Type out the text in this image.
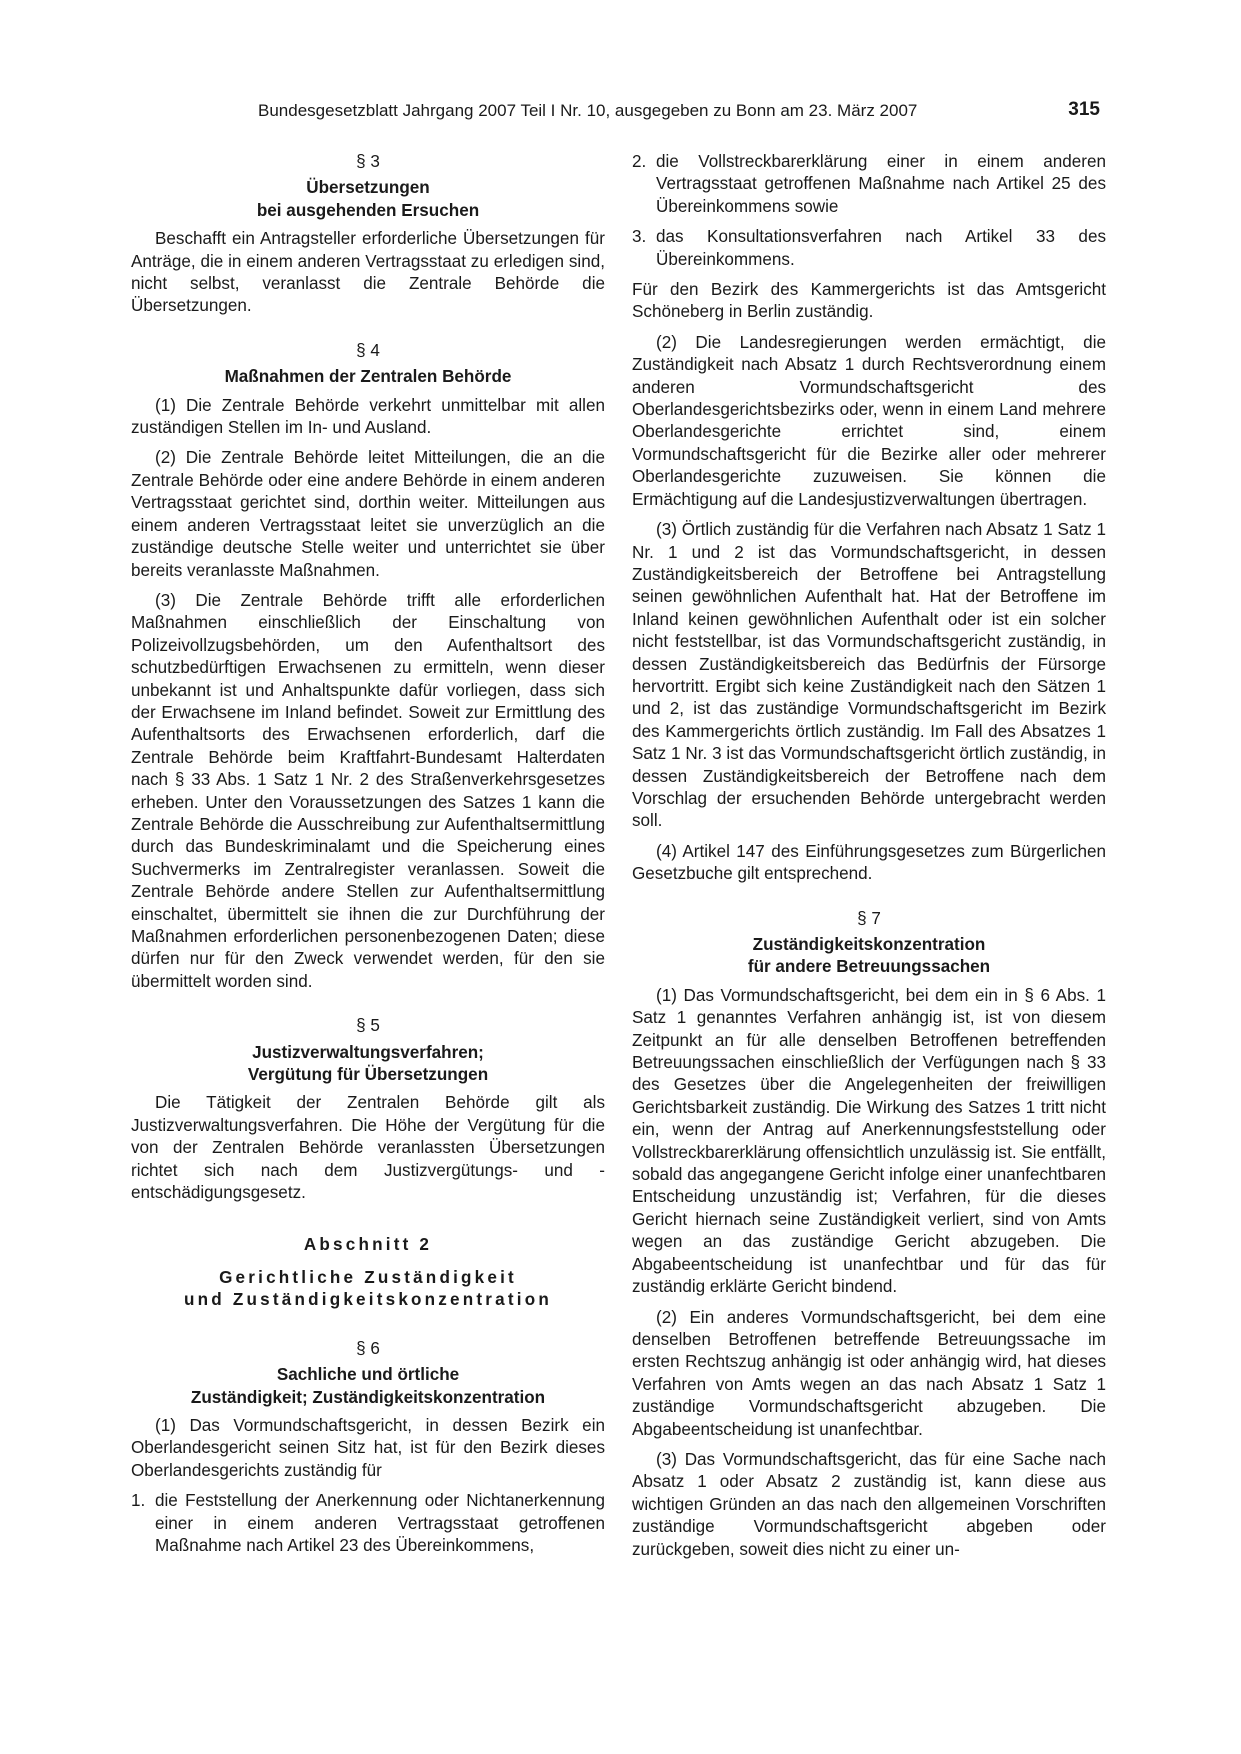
Bundesgesetzblatt Jahrgang 2007 Teil I Nr. 10, ausgegeben zu Bonn am 23. März 2007	315
§ 3
Übersetzungen
bei ausgehenden Ersuchen

Beschafft ein Antragsteller erforderliche Übersetzungen für Anträge, die in einem anderen Vertragsstaat zu erledigen sind, nicht selbst, veranlasst die Zentrale Behörde die Übersetzungen.

§ 4
Maßnahmen der Zentralen Behörde

(1) Die Zentrale Behörde verkehrt unmittelbar mit allen zuständigen Stellen im In- und Ausland.

(2) Die Zentrale Behörde leitet Mitteilungen, die an die Zentrale Behörde oder eine andere Behörde in einem anderen Vertragsstaat gerichtet sind, dorthin weiter. Mitteilungen aus einem anderen Vertragsstaat leitet sie unverzüglich an die zuständige deutsche Stelle weiter und unterrichtet sie über bereits veranlasste Maßnahmen.

(3) Die Zentrale Behörde trifft alle erforderlichen Maßnahmen einschließlich der Einschaltung von Polizeivollzugsbehörden, um den Aufenthaltsort des schutzbedürftigen Erwachsenen zu ermitteln, wenn dieser unbekannt ist und Anhaltspunkte dafür vorliegen, dass sich der Erwachsene im Inland befindet. Soweit zur Ermittlung des Aufenthaltsorts des Erwachsenen erforderlich, darf die Zentrale Behörde beim Kraftfahrt-Bundesamt Halterdaten nach § 33 Abs. 1 Satz 1 Nr. 2 des Straßenverkehrsgesetzes erheben. Unter den Voraussetzungen des Satzes 1 kann die Zentrale Behörde die Ausschreibung zur Aufenthaltsermittlung durch das Bundeskriminalamt und die Speicherung eines Suchvermerks im Zentralregister veranlassen. Soweit die Zentrale Behörde andere Stellen zur Aufenthaltsermittlung einschaltet, übermittelt sie ihnen die zur Durchführung der Maßnahmen erforderlichen personenbezogenen Daten; diese dürfen nur für den Zweck verwendet werden, für den sie übermittelt worden sind.

§ 5
Justizverwaltungsverfahren;
Vergütung für Übersetzungen

Die Tätigkeit der Zentralen Behörde gilt als Justizverwaltungsverfahren. Die Höhe der Vergütung für die von der Zentralen Behörde veranlassten Übersetzungen richtet sich nach dem Justizvergütungs- und -entschädigungsgesetz.

Abschnitt 2
Gerichtliche Zuständigkeit
und Zuständigkeitskonzentration
§ 6
Sachliche und örtliche
Zuständigkeit; Zuständigkeitskonzentration

(1) Das Vormundschaftsgericht, in dessen Bezirk ein Oberlandesgericht seinen Sitz hat, ist für den Bezirk dieses Oberlandesgerichts zuständig für

1. die Feststellung der Anerkennung oder Nichtanerkennung einer in einem anderen Vertragsstaat getroffenen Maßnahme nach Artikel 23 des Übereinkommens,
2. die Vollstreckbarerklärung einer in einem anderen Vertragsstaat getroffenen Maßnahme nach Artikel 25 des Übereinkommens sowie
3. das Konsultationsverfahren nach Artikel 33 des Übereinkommens.

Für den Bezirk des Kammergerichts ist das Amtsgericht Schöneberg in Berlin zuständig.

(2) Die Landesregierungen werden ermächtigt, die Zuständigkeit nach Absatz 1 durch Rechtsverordnung einem anderen Vormundschaftsgericht des Oberlandesgerichtsbezirks oder, wenn in einem Land mehrere Oberlandesgerichte errichtet sind, einem Vormundschaftsgericht für die Bezirke aller oder mehrerer Oberlandesgerichte zuzuweisen. Sie können die Ermächtigung auf die Landesjustizverwaltungen übertragen.

(3) Örtlich zuständig für die Verfahren nach Absatz 1 Satz 1 Nr. 1 und 2 ist das Vormundschaftsgericht, in dessen Zuständigkeitsbereich der Betroffene bei Antragstellung seinen gewöhnlichen Aufenthalt hat. Hat der Betroffene im Inland keinen gewöhnlichen Aufenthalt oder ist ein solcher nicht feststellbar, ist das Vormundschaftsgericht zuständig, in dessen Zuständigkeitsbereich das Bedürfnis der Fürsorge hervortritt. Ergibt sich keine Zuständigkeit nach den Sätzen 1 und 2, ist das zuständige Vormundschaftsgericht im Bezirk des Kammergerichts örtlich zuständig. Im Fall des Absatzes 1 Satz 1 Nr. 3 ist das Vormundschaftsgericht örtlich zuständig, in dessen Zuständigkeitsbereich der Betroffene nach dem Vorschlag der ersuchenden Behörde untergebracht werden soll.

(4) Artikel 147 des Einführungsgesetzes zum Bürgerlichen Gesetzbuche gilt entsprechend.

§ 7
Zuständigkeitskonzentration
für andere Betreuungssachen

(1) Das Vormundschaftsgericht, bei dem ein in § 6 Abs. 1 Satz 1 genanntes Verfahren anhängig ist, ist von diesem Zeitpunkt an für alle denselben Betroffenen betreffenden Betreuungssachen einschließlich der Verfügungen nach § 33 des Gesetzes über die Angelegenheiten der freiwilligen Gerichtsbarkeit zuständig. Die Wirkung des Satzes 1 tritt nicht ein, wenn der Antrag auf Anerkennungsfeststellung oder Vollstreckbarerklärung offensichtlich unzulässig ist. Sie entfällt, sobald das angegangene Gericht infolge einer unanfechtbaren Entscheidung unzuständig ist; Verfahren, für die dieses Gericht hiernach seine Zuständigkeit verliert, sind von Amts wegen an das zuständige Gericht abzugeben. Die Abgabeentscheidung ist unanfechtbar und für das für zuständig erklärte Gericht bindend.

(2) Ein anderes Vormundschaftsgericht, bei dem eine denselben Betroffenen betreffende Betreuungssache im ersten Rechtszug anhängig ist oder anhängig wird, hat dieses Verfahren von Amts wegen an das nach Absatz 1 Satz 1 zuständige Vormundschaftsgericht abzugeben. Die Abgabeentscheidung ist unanfechtbar.

(3) Das Vormundschaftsgericht, das für eine Sache nach Absatz 1 oder Absatz 2 zuständig ist, kann diese aus wichtigen Gründen an das nach den allgemeinen Vorschriften zuständige Vormundschaftsgericht abgeben oder zurückgeben, soweit dies nicht zu einer un-
